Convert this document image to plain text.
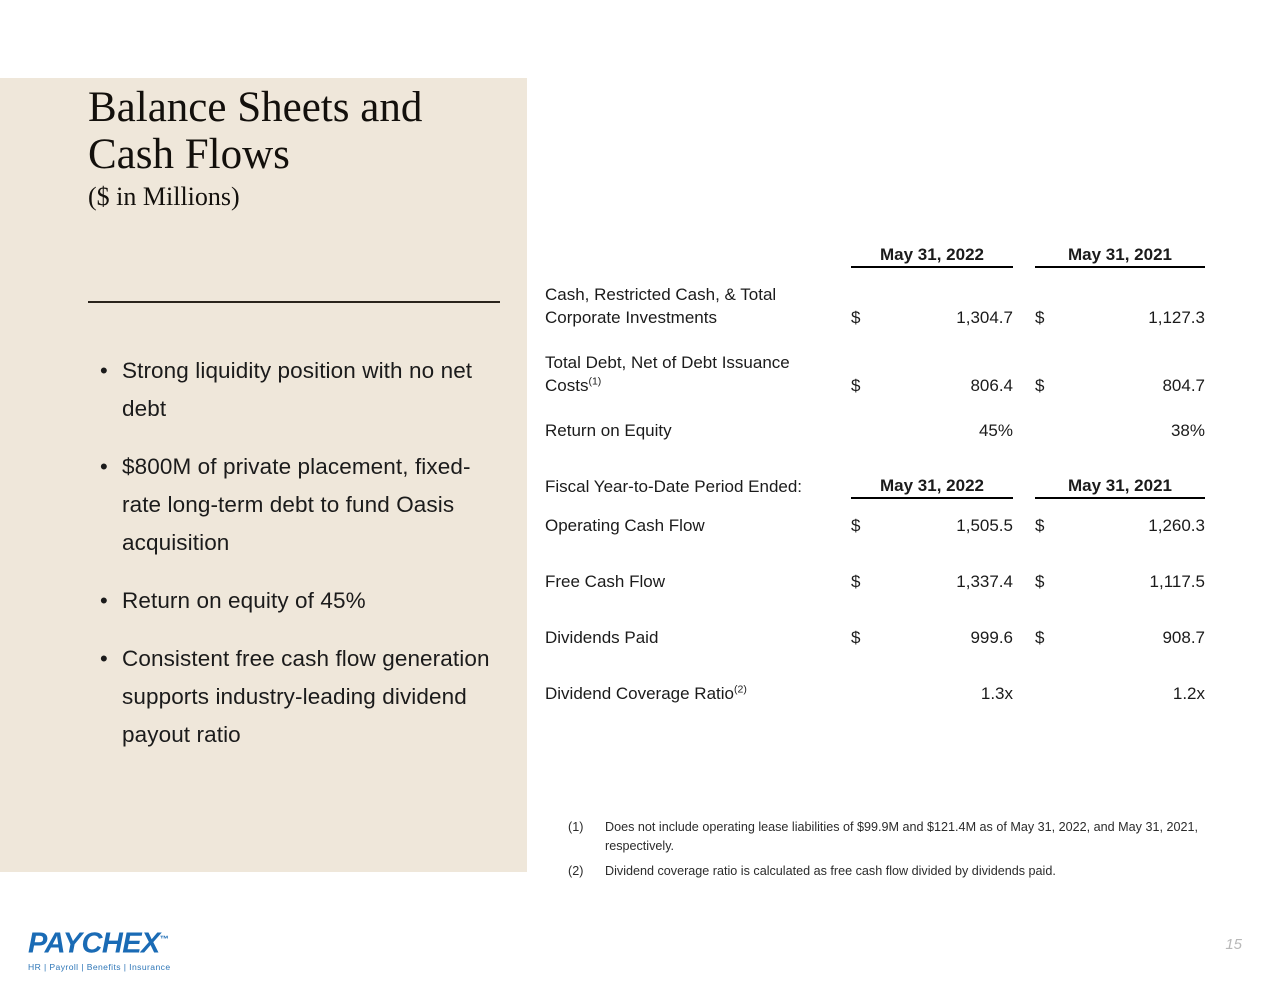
Balance Sheets and
Cash Flows
($ in Millions)
• Strong liquidity position with no net debt
• $800M of private placement, fixed-rate long-term debt to fund Oasis acquisition
• Return on equity of 45%
• Consistent free cash flow generation supports industry-leading dividend payout ratio
	May 31, 2022			May 31, 2021	

Cash, Restricted Cash, & Total
Corporate Investments	$	1,304.7		$	1,127.3

Total Debt, Net of Debt Issuance
Costs$^{(1)}$	$	806.4		$	804.7

Return on Equity		45%			38%

Fiscal Year-to-Date Period Ended:	May 31, 2022			May 31, 2021	

Operating Cash Flow	$	1,505.5		$	1,260.3

Free Cash Flow	$	1,337.4		$	1,117.5

Dividends Paid	$	999.6		$	908.7

Dividend Coverage Ratio$^{(2)}$		1.3x			1.2x
(1)	Does not include operating lease liabilities of $99.9M and $121.4M as of May 31, 2022, and May 31, 2021, respectively.
(2)	Dividend coverage ratio is calculated as free cash flow divided by dividends paid.
PAYCHEX™
HR | Payroll | Benefits | Insurance
15
